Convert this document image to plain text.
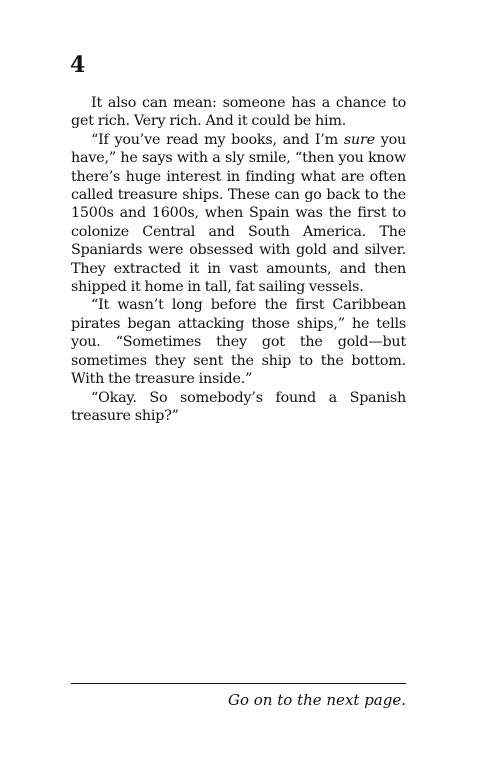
4

It also can mean: someone has a chance to get rich. Very rich. And it could be him.

“If you’ve read my books, and I’m sure you have,” he says with a sly smile, “then you know there’s huge interest in finding what are often called treasure ships. These can go back to the 1500s and 1600s, when Spain was the first to colonize Central and South America. The Spaniards were obsessed with gold and silver. They extracted it in vast amounts, and then shipped it home in tall, fat sailing vessels.

“It wasn’t long before the first Caribbean pirates began attacking those ships,” he tells you. “Sometimes they got the gold—but sometimes they sent the ship to the bottom. With the treasure inside.”

“Okay. So somebody’s found a Spanish treasure ship?”

Go on to the next page.
